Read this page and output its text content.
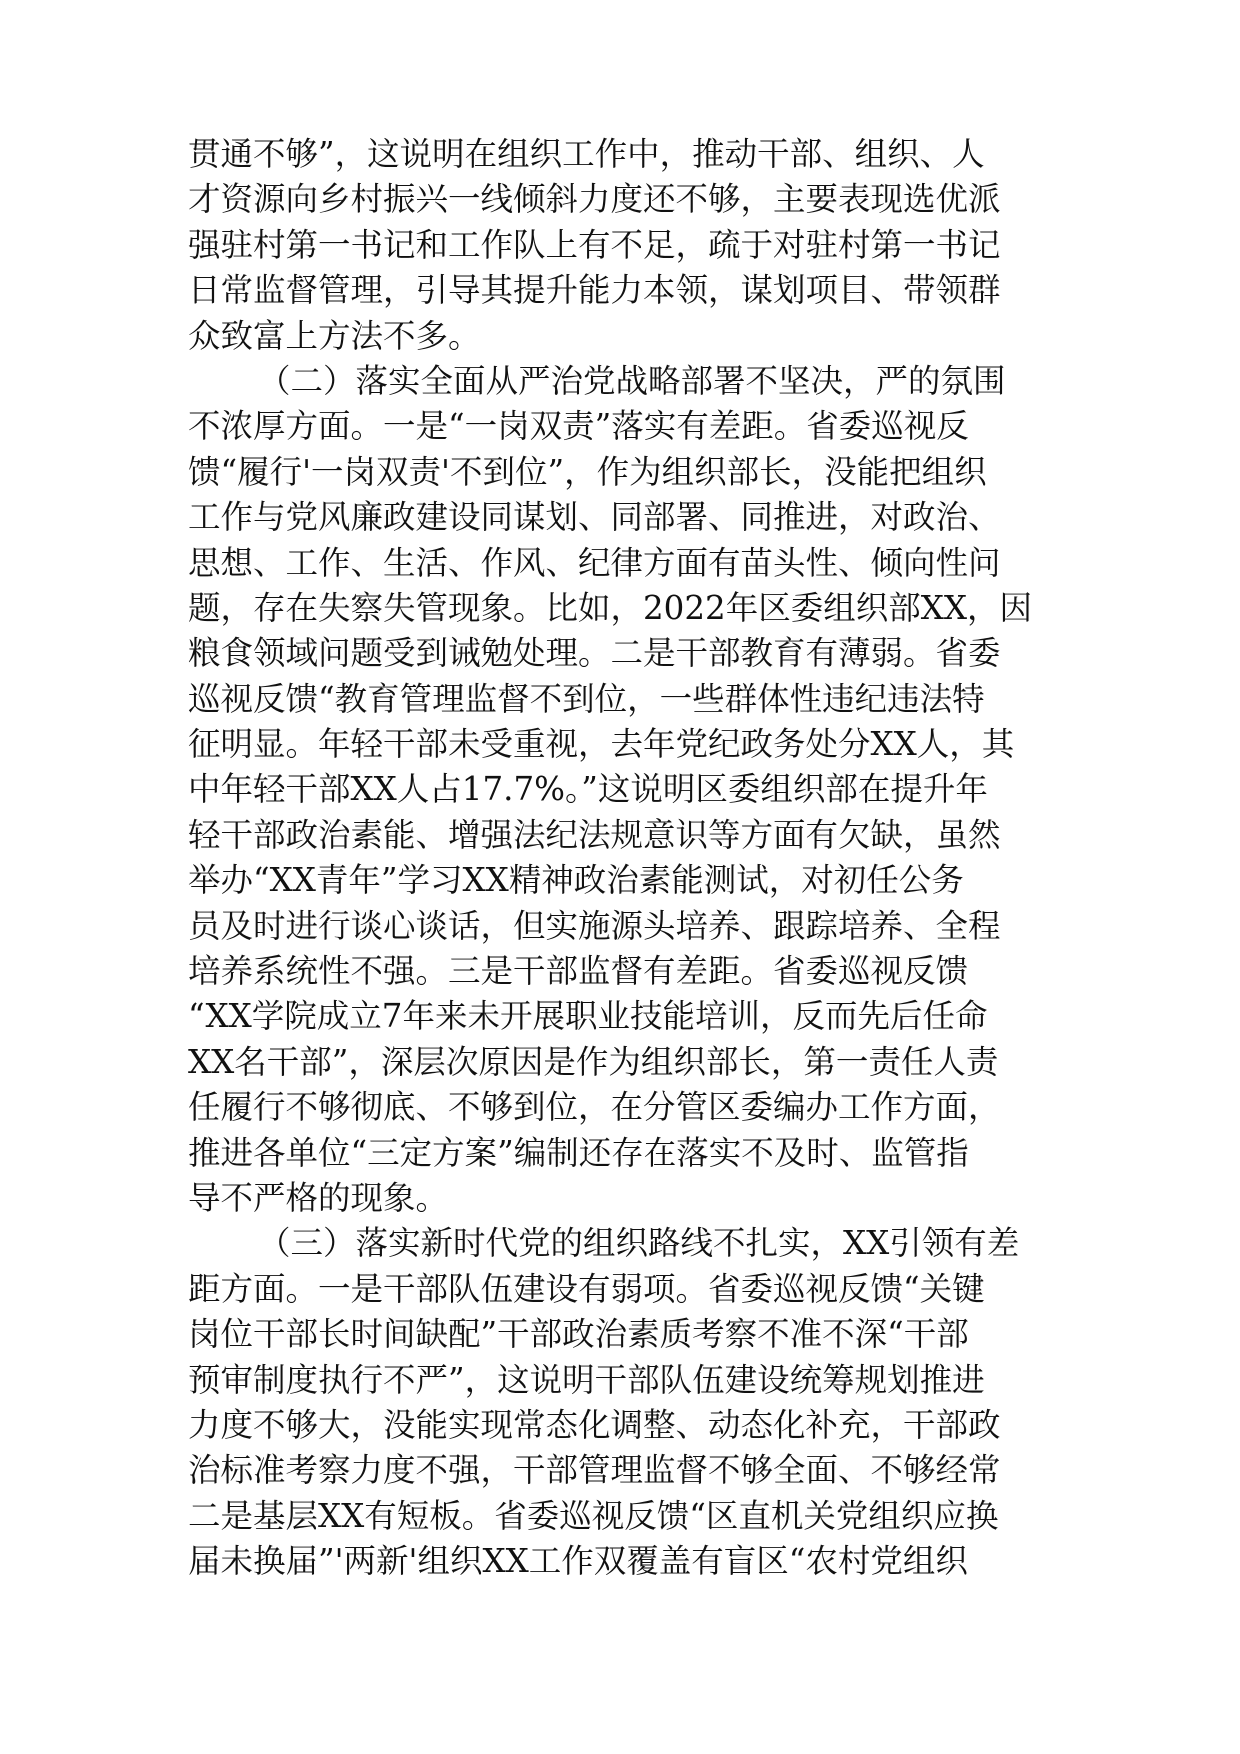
贯通不够”，这说明在组织工作中，推动干部、组织、人
才资源向乡村振兴一线倾斜力度还不够，主要表现选优派
强驻村第一书记和工作队上有不足，疏于对驻村第一书记
日常监督管理，引导其提升能力本领，谋划项目、带领群
众致富上方法不多。
（二）落实全面从严治党战略部署不坚决，严的氛围
不浓厚方面。一是“一岗双责”落实有差距。省委巡视反
馈“履行'一岗双责'不到位”，作为组织部长，没能把组织
工作与党风廉政建设同谋划、同部署、同推进，对政治、
思想、工作、生活、作风、纪律方面有苗头性、倾向性问
题，存在失察失管现象。比如，2022年区委组织部XX，因
粮食领域问题受到诫勉处理。二是干部教育有薄弱。省委
巡视反馈“教育管理监督不到位，一些群体性违纪违法特
征明显。年轻干部未受重视，去年党纪政务处分XX人，其
中年轻干部XX人占17.7%。”这说明区委组织部在提升年
轻干部政治素能、增强法纪法规意识等方面有欠缺，虽然
举办“XX青年”学习XX精神政治素能测试，对初任公务
员及时进行谈心谈话，但实施源头培养、跟踪培养、全程
培养系统性不强。三是干部监督有差距。省委巡视反馈
“XX学院成立7年来未开展职业技能培训，反而先后任命
XX名干部”，深层次原因是作为组织部长，第一责任人责
任履行不够彻底、不够到位，在分管区委编办工作方面，
推进各单位“三定方案”编制还存在落实不及时、监管指
导不严格的现象。
（三）落实新时代党的组织路线不扎实，XX引领有差
距方面。一是干部队伍建设有弱项。省委巡视反馈“关键
岗位干部长时间缺配”干部政治素质考察不准不深“干部
预审制度执行不严”，这说明干部队伍建设统筹规划推进
力度不够大，没能实现常态化调整、动态化补充，干部政
治标准考察力度不强，干部管理监督不够全面、不够经常
二是基层XX有短板。省委巡视反馈“区直机关党组织应换
届未换届”'两新'组织XX工作双覆盖有盲区“农村党组织
